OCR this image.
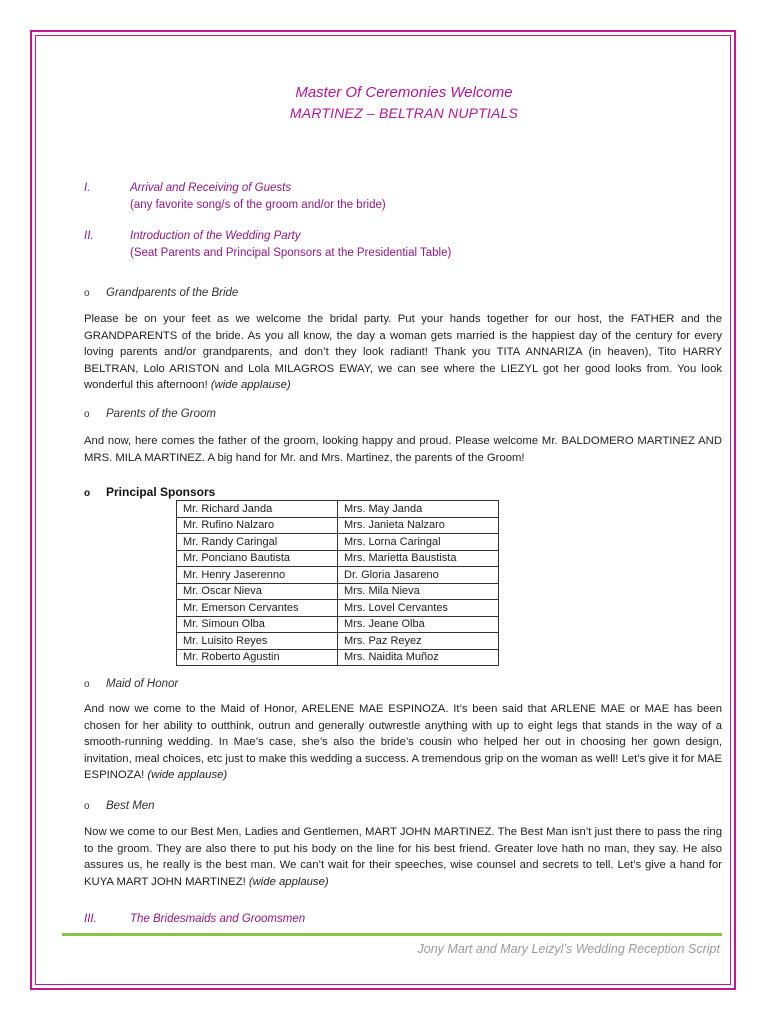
Master Of Ceremonies Welcome

MARTINEZ – BELTRAN NUPTIALS

I.	Arrival and Receiving of Guests
(any favorite song/s of the groom and/or the bride)
II.	Introduction of the Wedding Party
(Seat Parents and Principal Sponsors at the Presidential Table)
o Grandparents of the Bride

Please be on your feet as we welcome the bridal party. Put your hands together for our host, the FATHER and the GRANDPARENTS of the bride. As you all know, the day a woman gets married is the happiest day of the century for every loving parents and/or grandparents, and don’t they look radiant! Thank you TITA ANNARIZA (in heaven), Tito HARRY BELTRAN, Lolo ARISTON and Lola MILAGROS EWAY, we can see where the LIEZYL got her good looks from. You look wonderful this afternoon! (wide applause)

o Parents of the Groom

And now, here comes the father of the groom, looking happy and proud. Please welcome Mr. BALDOMERO MARTINEZ AND MRS. MILA MARTINEZ. A big hand for Mr. and Mrs. Martinez, the parents of the Groom!

o Principal Sponsors
Mr. Richard Janda	Mrs. May Janda
Mr. Rufino Nalzaro	Mrs. Janieta Nalzaro
Mr. Randy Caringal	Mrs. Lorna Caringal
Mr. Ponciano Bautista	Mrs. Marietta Baustista
Mr. Henry Jaserenno	Dr. Gloria Jasareno
Mr. Oscar Nieva	Mrs. Mila Nieva
Mr. Emerson Cervantes	Mrs. Lovel Cervantes
Mr. Simoun Olba	Mrs. Jeane Olba
Mr. Luisito Reyes	Mrs. Paz Reyez
Mr. Roberto Agustin	Mrs. Naidita Muñoz
o Maid of Honor

And now we come to the Maid of Honor, ARELENE MAE ESPINOZA. It’s been said that ARLENE MAE or MAE has been chosen for her ability to outthink, outrun and generally outwrestle anything with up to eight legs that stands in the way of a smooth-running wedding. In Mae’s case, she’s also the bride’s cousin who helped her out in choosing her gown design, invitation, meal choices, etc just to make this wedding a success. A tremendous grip on the woman as well! Let’s give it for MAE ESPINOZA! (wide applause)

o Best Men

Now we come to our Best Men, Ladies and Gentlemen, MART JOHN MARTINEZ. The Best Man isn’t just there to pass the ring to the groom. They are also there to put his body on the line for his best friend. Greater love hath no man, they say. He also assures us, he really is the best man. We can’t wait for their speeches, wise counsel and secrets to tell. Let’s give a hand for KUYA MART JOHN MARTINEZ! (wide applause)

III.	The Bridesmaids and Groomsmen
Jony Mart and Mary Leizyl’s Wedding Reception Script
